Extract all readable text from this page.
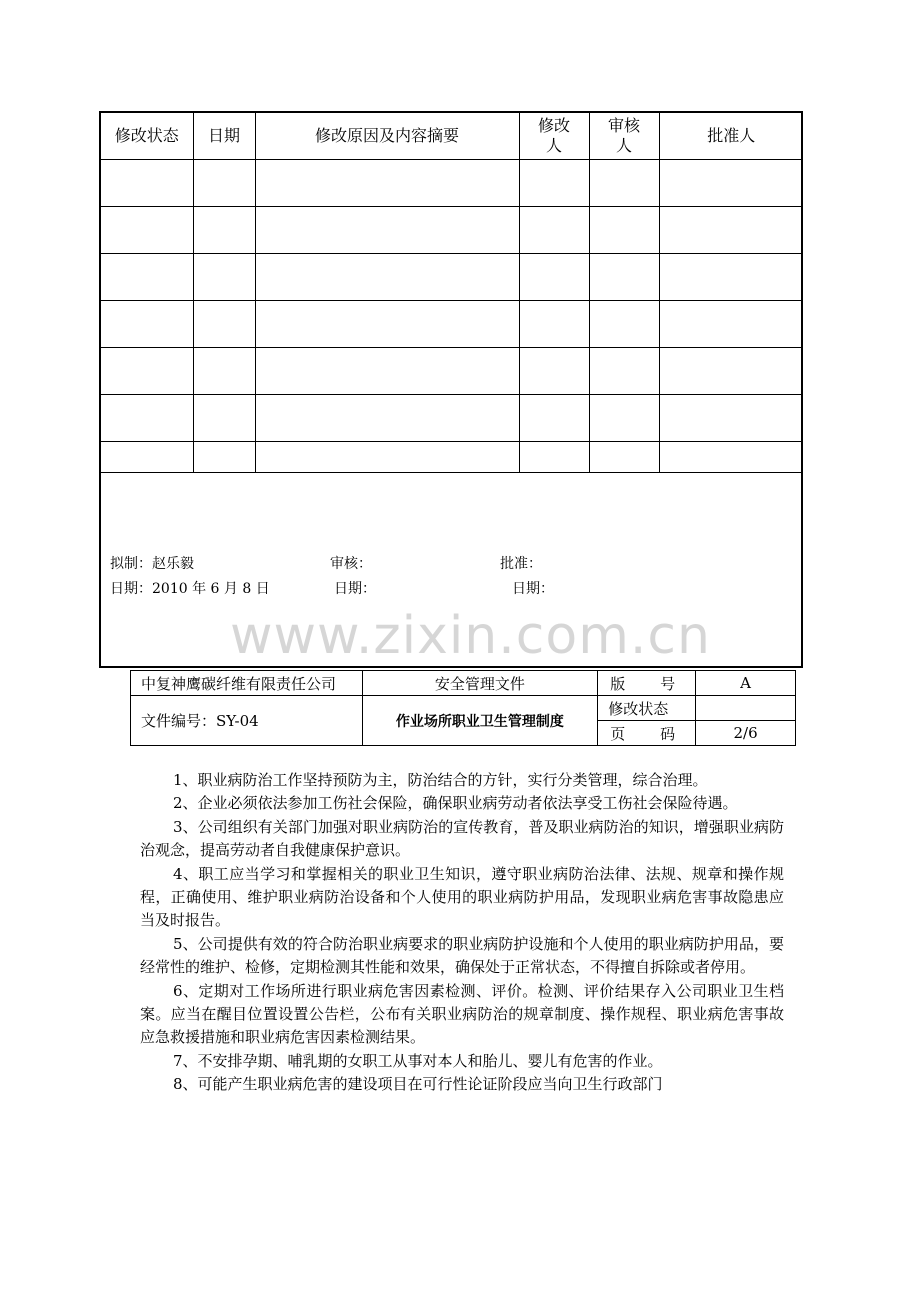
修改状态	日期	修改原因及内容摘要	修改人	审核人	批准人

拟制：赵乐毅	审核：	批准：
日期：2010 年 6 月 8 日	日期：	日期：
www.zixin.com.cn
中复神鹰碳纤维有限责任公司	安全管理文件	版 号	A
文件编号：SY-04	作业场所职业卫生管理制度	修改状态	

		页 码	2/6

1、职业病防治工作坚持预防为主，防治结合的方针，实行分类管理，综合治理。

2、企业必须依法参加工伤社会保险，确保职业病劳动者依法享受工伤社会保险待遇。

3、公司组织有关部门加强对职业病防治的宣传教育，普及职业病防治的知识，增强职业病防治观念，提高劳动者自我健康保护意识。

4、职工应当学习和掌握相关的职业卫生知识，遵守职业病防治法律、法规、规章和操作规程，正确使用、维护职业病防治设备和个人使用的职业病防护用品，发现职业病危害事故隐患应当及时报告。

5、公司提供有效的符合防治职业病要求的职业病防护设施和个人使用的职业病防护用品，要经常性的维护、检修，定期检测其性能和效果，确保处于正常状态，不得擅自拆除或者停用。

6、定期对工作场所进行职业病危害因素检测、评价。检测、评价结果存入公司职业卫生档案。应当在醒目位置设置公告栏，公布有关职业病防治的规章制度、操作规程、职业病危害事故应急救援措施和职业病危害因素检测结果。

7、不安排孕期、哺乳期的女职工从事对本人和胎儿、婴儿有危害的作业。

8、可能产生职业病危害的建设项目在可行性论证阶段应当向卫生行政部门
